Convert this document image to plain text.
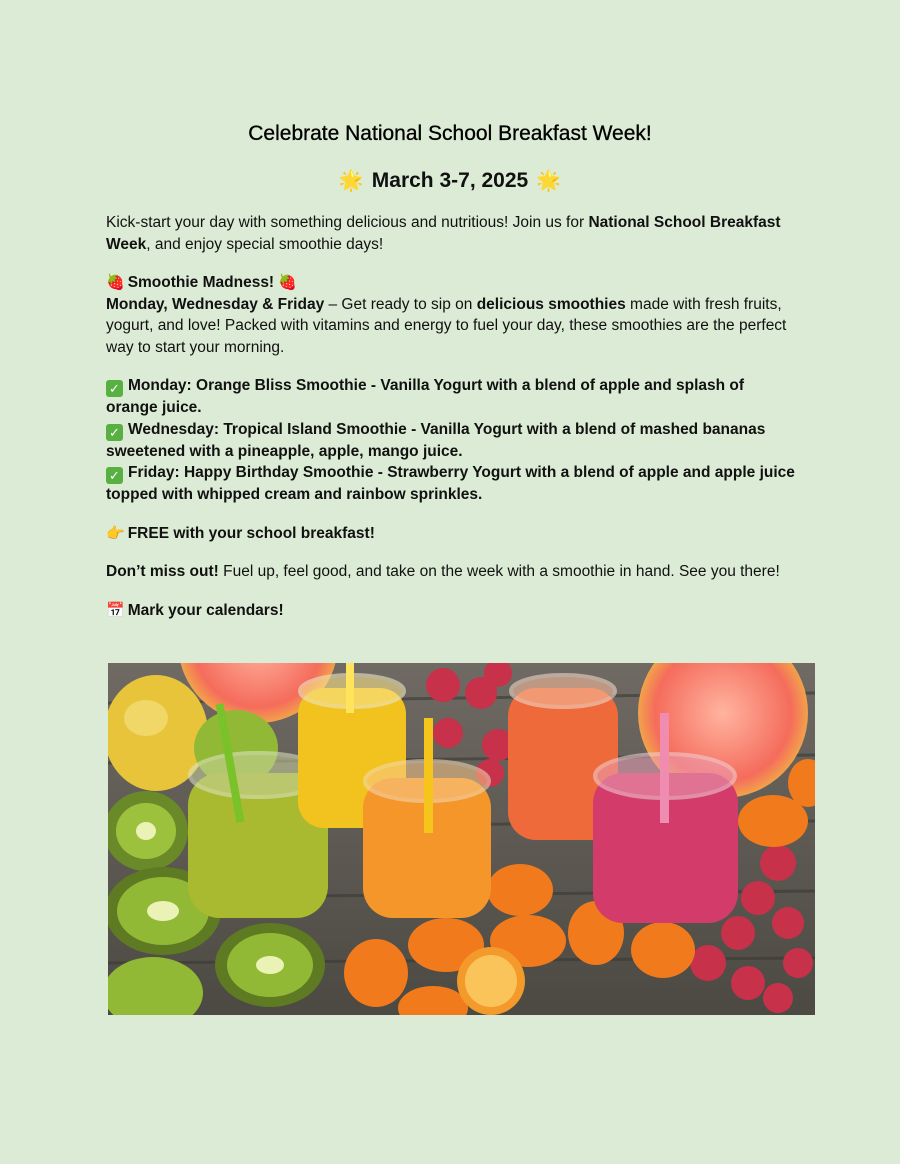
Celebrate National School Breakfast Week!
🌟 March 3-7, 2025 🌟

Kick-start your day with something delicious and nutritious! Join us for National School Breakfast Week, and enjoy special smoothie days!

🍓 Smoothie Madness! 🍓
Monday, Wednesday & Friday – Get ready to sip on delicious smoothies made with fresh fruits, yogurt, and love! Packed with vitamins and energy to fuel your day, these smoothies are the perfect way to start your morning.

✓ Monday: Orange Bliss Smoothie - Vanilla Yogurt with a blend of apple and splash of orange juice.
✓ Wednesday: Tropical Island Smoothie - Vanilla Yogurt with a blend of mashed bananas sweetened with a pineapple, apple, mango juice.
✓ Friday: Happy Birthday Smoothie - Strawberry Yogurt with a blend of apple and apple juice topped with whipped cream and rainbow sprinkles.

👉 FREE with your school breakfast!

Don’t miss out! Fuel up, feel good, and take on the week with a smoothie in hand. See you there!

📅 Mark your calendars!
